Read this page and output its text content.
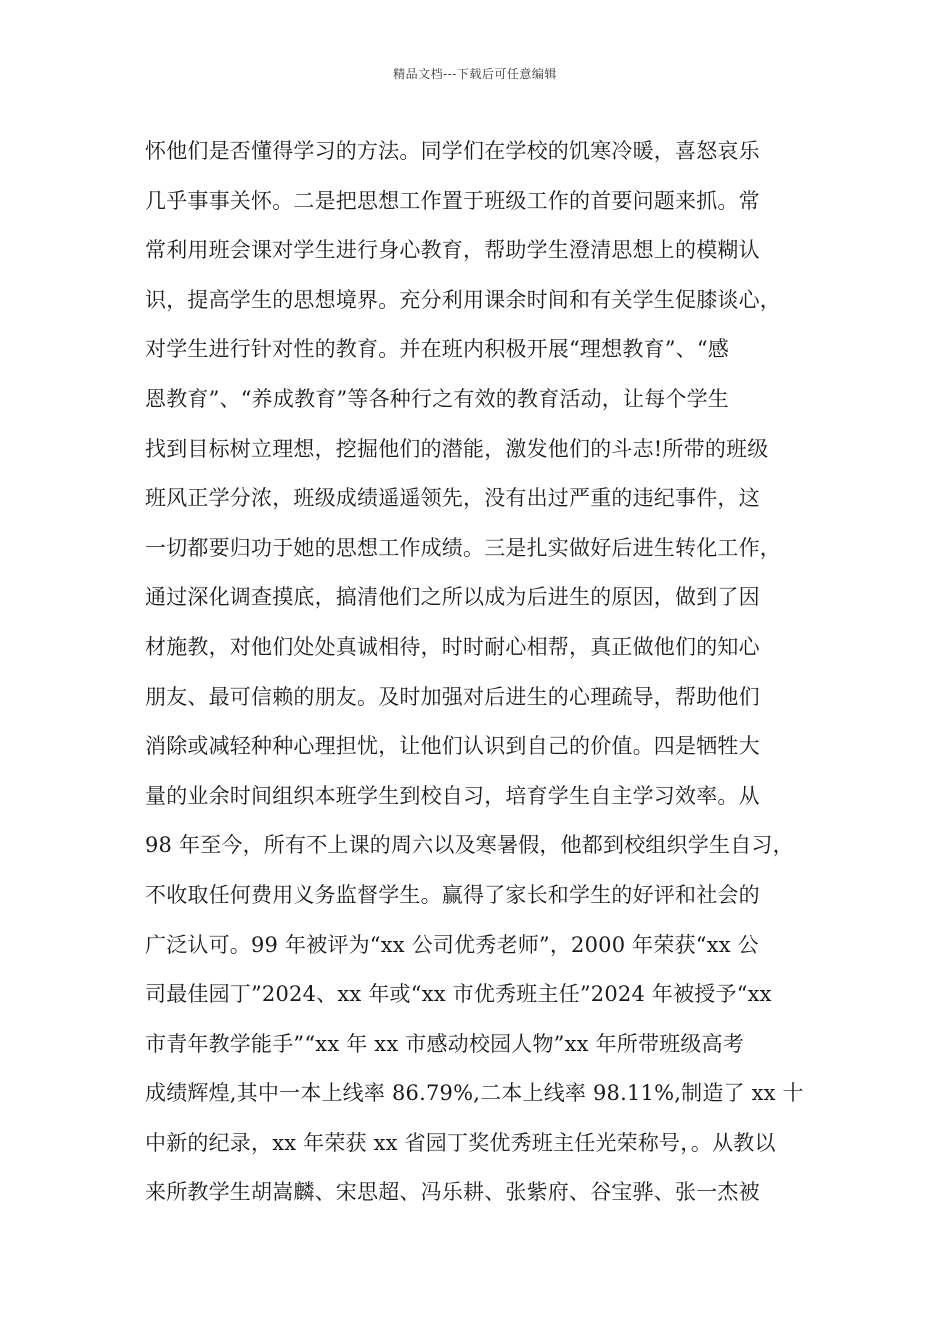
精品文档---下载后可任意编辑
怀他们是否懂得学习的方法。同学们在学校的饥寒冷暖，喜怒哀乐
几乎事事关怀。二是把思想工作置于班级工作的首要问题来抓。常
常利用班会课对学生进行身心教育，帮助学生澄清思想上的模糊认
识，提高学生的思想境界。充分利用课余时间和有关学生促膝谈心，
对学生进行针对性的教育。并在班内积极开展“理想教育”、“感
恩教育”、“养成教育”等各种行之有效的教育活动，让每个学生
找到目标树立理想，挖掘他们的潜能，激发他们的斗志!所带的班级
班风正学分浓，班级成绩遥遥领先，没有出过严重的违纪事件，这
一切都要归功于她的思想工作成绩。三是扎实做好后进生转化工作，
通过深化调查摸底，搞清他们之所以成为后进生的原因，做到了因
材施教，对他们处处真诚相待，时时耐心相帮，真正做他们的知心
朋友、最可信赖的朋友。及时加强对后进生的心理疏导，帮助他们
消除或减轻种种心理担忧，让他们认识到自己的价值。四是牺牲大
量的业余时间组织本班学生到校自习，培育学生自主学习效率。从
98 年至今，所有不上课的周六以及寒暑假，他都到校组织学生自习，
不收取任何费用义务监督学生。赢得了家长和学生的好评和社会的
广泛认可。99 年被评为“xx 公司优秀老师”，2000 年荣获“xx 公
司最佳园丁”2024、xx 年或“xx 市优秀班主任”2024 年被授予“xx
市青年教学能手”“xx 年 xx 市感动校园人物”xx 年所带班级高考
成绩辉煌,其中一本上线率 86.79%,二本上线率 98.11%,制造了 xx 十
中新的纪录，xx 年荣获 xx 省园丁奖优秀班主任光荣称号，。从教以
来所教学生胡嵩麟、宋思超、冯乐耕、张紫府、谷宝骅、张一杰被
